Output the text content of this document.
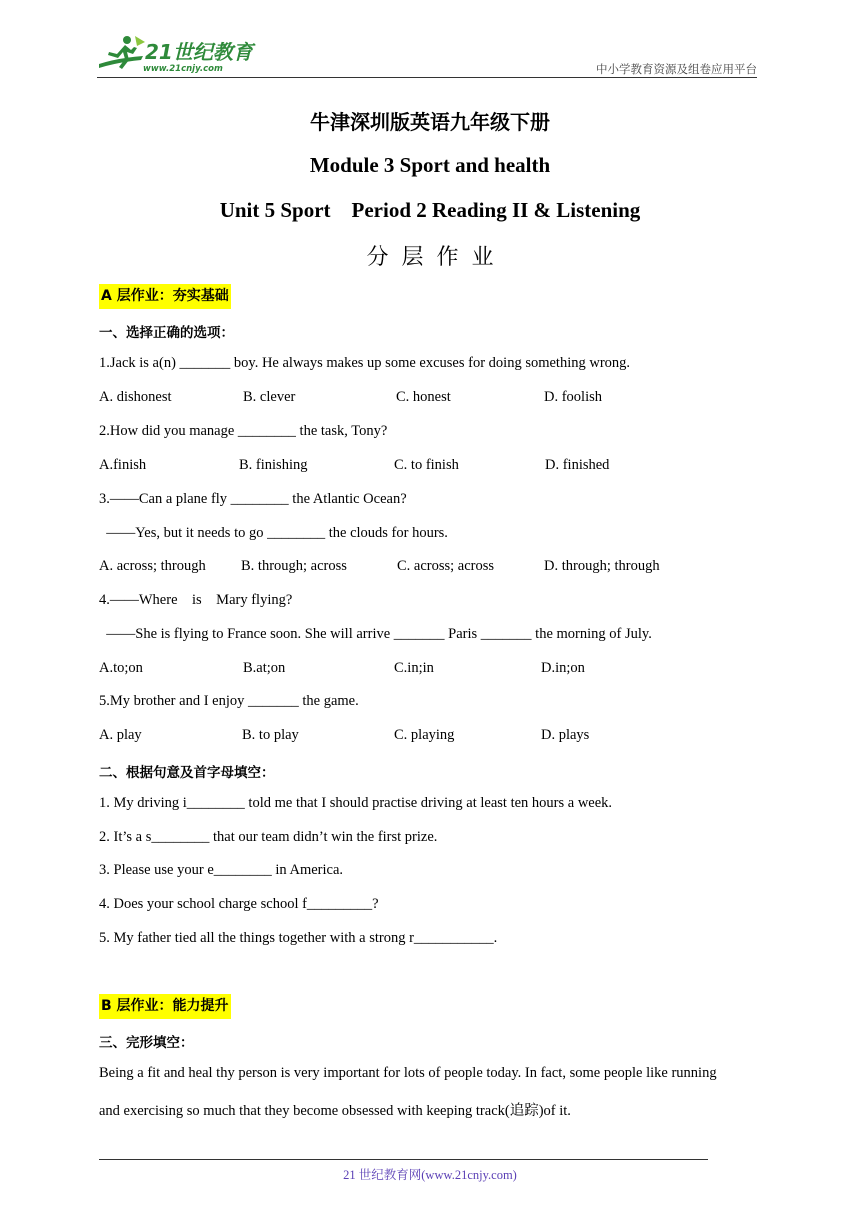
21世纪教育
www.21cnjy.com	中小学教育资源及组卷应用平台
牛津深圳版英语九年级下册
Module 3 Sport and health
Unit 5 Sport    Period 2 Reading II & Listening
分层作业
A 层作业：夯实基础
一、选择正确的选项：
1.Jack is a(n) _______ boy. He always makes up some excuses for doing something wrong.
A. dishonest	B. clever	C. honest	D. foolish
2.How did you manage ________ the task, Tony?
A.finish	B. finishing	C. to finish	D. finished
3.——Can a plane fly ________ the Atlantic Ocean?
——Yes, but it needs to go ________ the clouds for hours.
A. across; through B. through; across	C. across; across	D. through; through
4.——Where    is    Mary flying?
——She is flying to France soon. She will arrive _______ Paris _______ the morning of July.
A.to;on	B.at;on	C.in;in	D.in;on
5.My brother and I enjoy _______ the game.
A. play	B. to play	C. playing	D. plays
二、根据句意及首字母填空：
1. My driving i________ told me that I should practise driving at least ten hours a week.
2. It’s a s________ that our team didn’t win the first prize.
3. Please use your e________ in America.
4. Does your school charge school f_________?
5. My father tied all the things together with a strong r___________.
B 层作业：能力提升
三、完形填空：
Being a fit and heal thy person is very important for lots of people today. In fact, some people like running
and exercising so much that they become obsessed with keeping track(追踪)of it.
21 世纪教育网(www.21cnjy.com)
